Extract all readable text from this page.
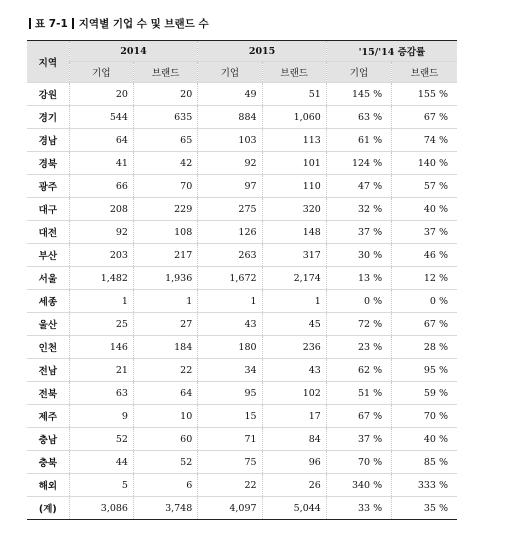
표 7-1 지역별 기업 수 및 브랜드 수
지역	2014		2015		'15/'14 증감률	
	기업	브랜드	기업	브랜드	기업	브랜드
강원	20	20	49	51	145 %	155 %
경기	544	635	884	1,060	63 %	67 %
경남	64	65	103	113	61 %	74 %
경북	41	42	92	101	124 %	140 %
광주	66	70	97	110	47 %	57 %
대구	208	229	275	320	32 %	40 %
대전	92	108	126	148	37 %	37 %
부산	203	217	263	317	30 %	46 %
서울	1,482	1,936	1,672	2,174	13 %	12 %
세종	1	1	1	1	0 %	0 %
울산	25	27	43	45	72 %	67 %
인천	146	184	180	236	23 %	28 %
전남	21	22	34	43	62 %	95 %
전북	63	64	95	102	51 %	59 %
제주	9	10	15	17	67 %	70 %
충남	52	60	71	84	37 %	40 %
충북	44	52	75	96	70 %	85 %
해외	5	6	22	26	340 %	333 %
(계)	3,086	3,748	4,097	5,044	33 %	35 %
